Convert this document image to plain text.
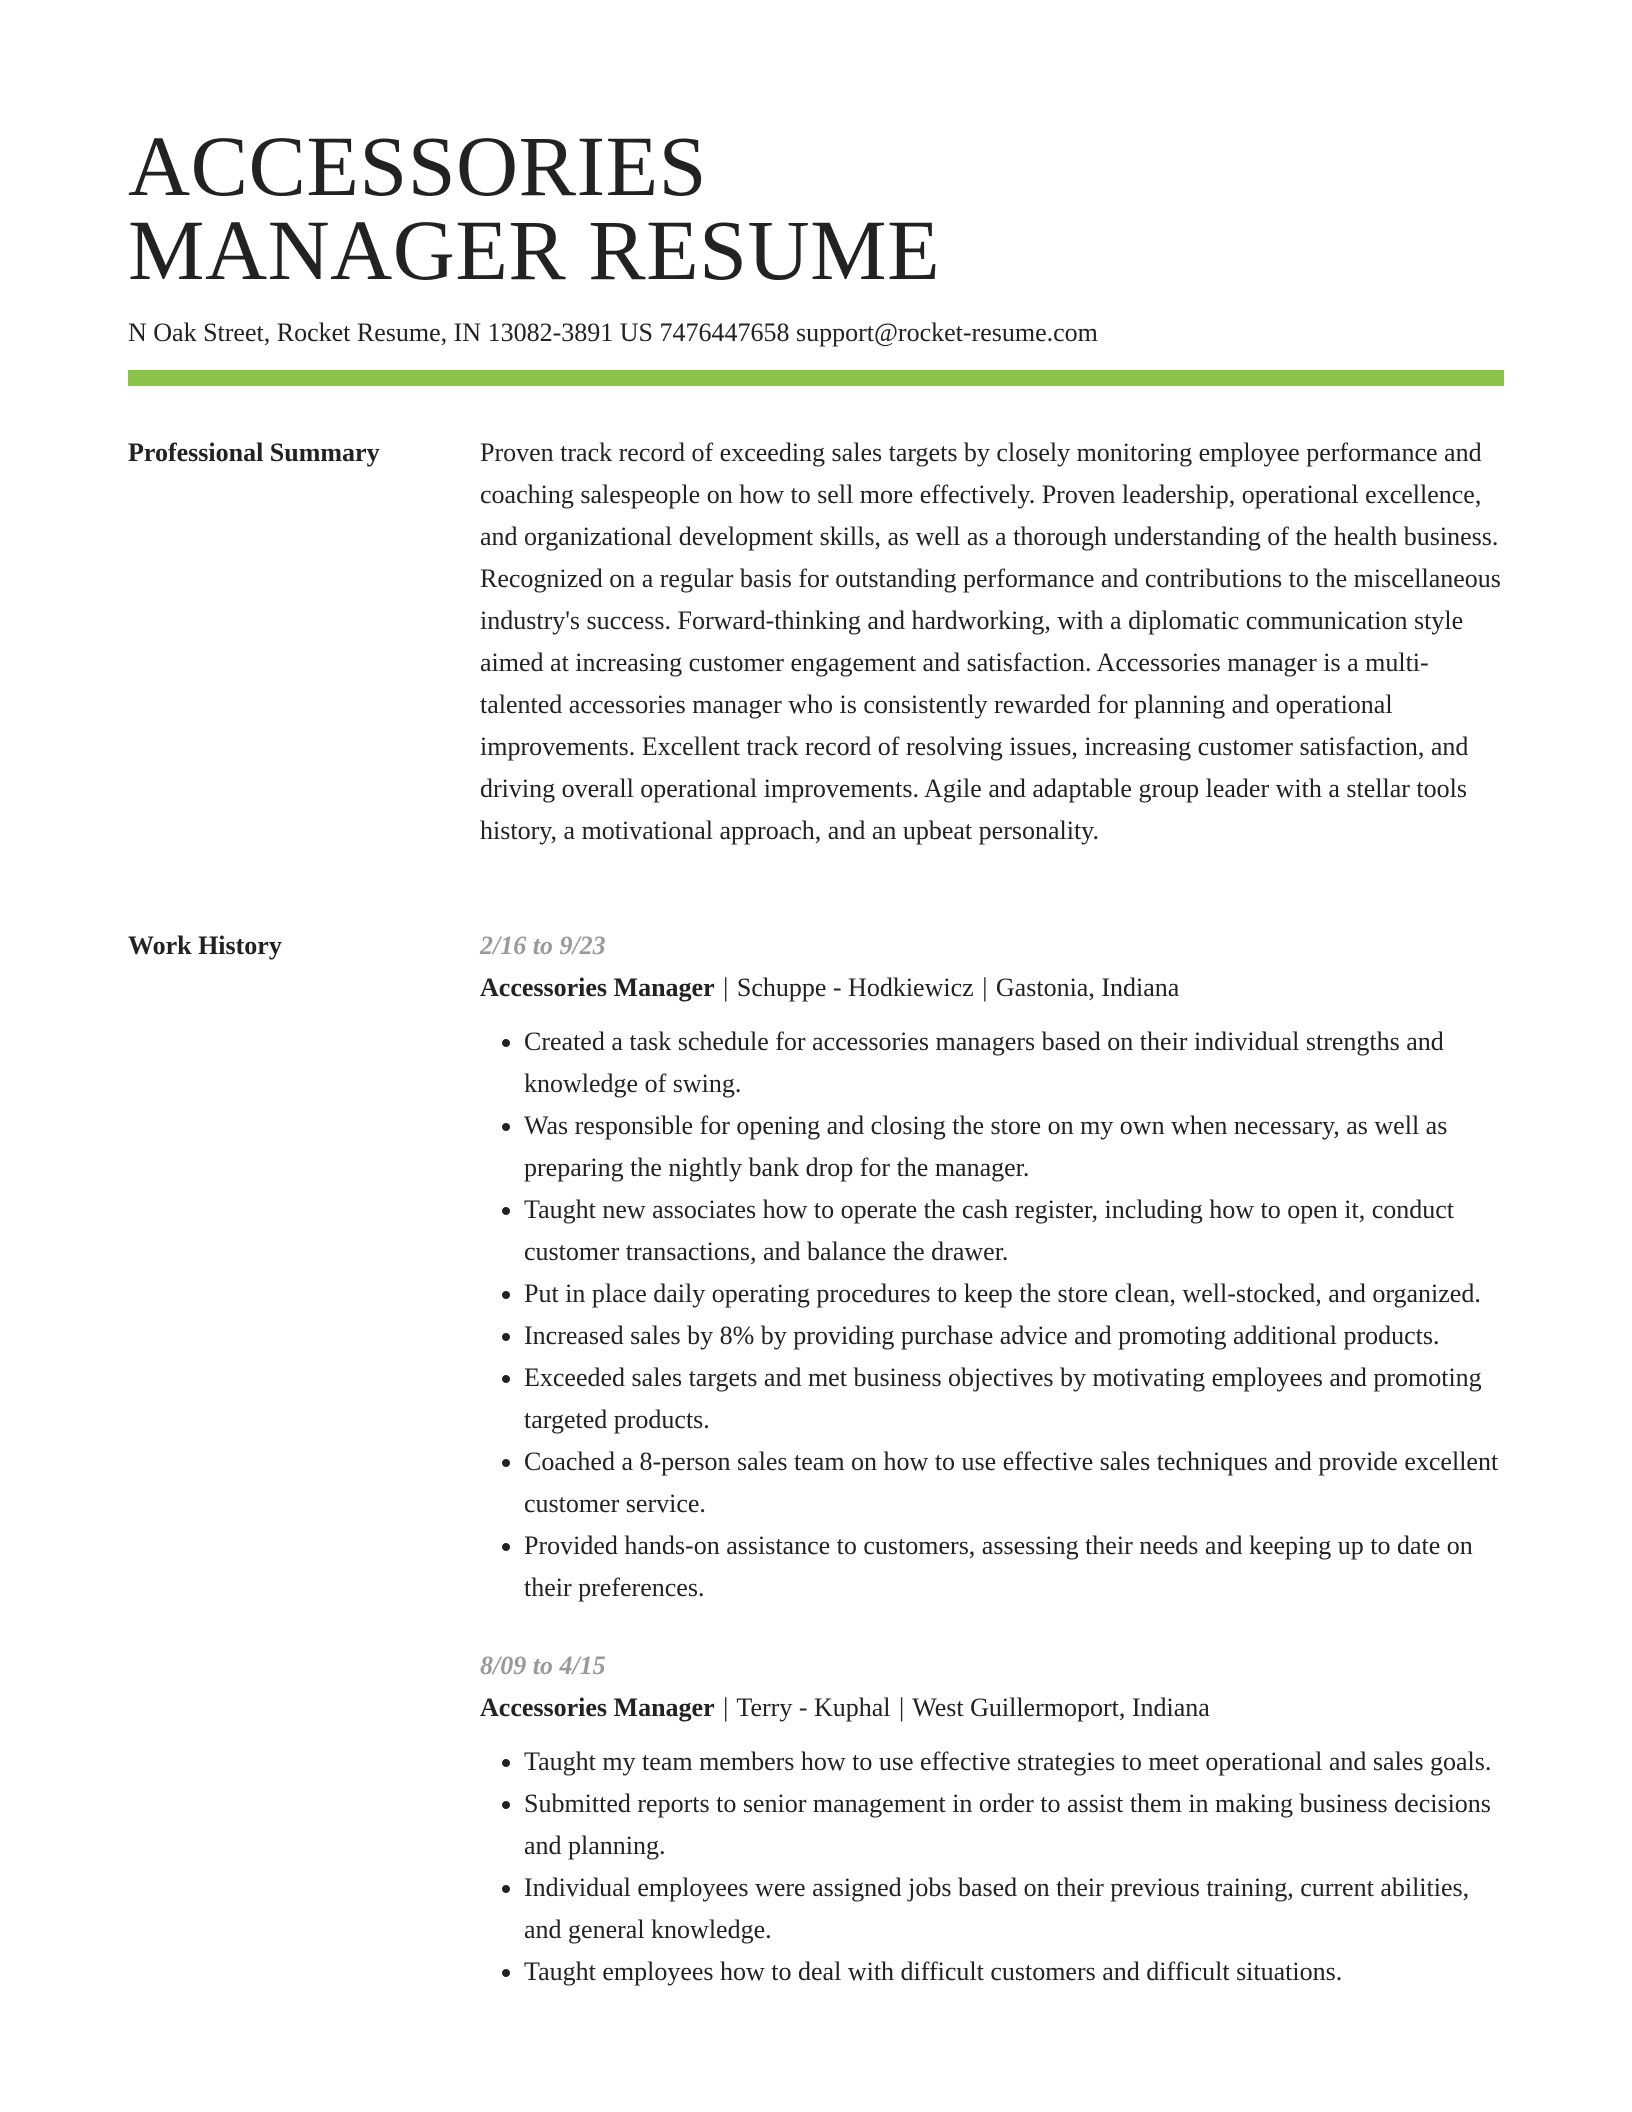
ACCESSORIES
MANAGER RESUME
N Oak Street, Rocket Resume, IN 13082-3891 US 7476447658 support@rocket-resume.com
Professional Summary	Proven track record of exceeding sales targets by closely monitoring employee performance and coaching salespeople on how to sell more effectively. Proven leadership, operational excellence, and organizational development skills, as well as a thorough understanding of the health business. Recognized on a regular basis for outstanding performance and contributions to the miscellaneous industry's success. Forward-thinking and hardworking, with a diplomatic communication style aimed at increasing customer engagement and satisfaction. Accessories manager is a multi-talented accessories manager who is consistently rewarded for planning and operational improvements. Excellent track record of resolving issues, increasing customer satisfaction, and driving overall operational improvements. Agile and adaptable group leader with a stellar tools history, a motivational approach, and an upbeat personality.

Work History	2/16 to 9/23
Accessories Manager | Schuppe - Hodkiewicz | Gastonia, Indiana
• Created a task schedule for accessories managers based on their individual strengths and knowledge of swing.
• Was responsible for opening and closing the store on my own when necessary, as well as preparing the nightly bank drop for the manager.
• Taught new associates how to operate the cash register, including how to open it, conduct customer transactions, and balance the drawer.
• Put in place daily operating procedures to keep the store clean, well-stocked, and organized.
• Increased sales by 8% by providing purchase advice and promoting additional products.
• Exceeded sales targets and met business objectives by motivating employees and promoting targeted products.
• Coached a 8-person sales team on how to use effective sales techniques and provide excellent customer service.
• Provided hands-on assistance to customers, assessing their needs and keeping up to date on their preferences.
8/09 to 4/15
Accessories Manager | Terry - Kuphal | West Guillermoport, Indiana
• Taught my team members how to use effective strategies to meet operational and sales goals.
• Submitted reports to senior management in order to assist them in making business decisions and planning.
• Individual employees were assigned jobs based on their previous training, current abilities, and general knowledge.
• Taught employees how to deal with difficult customers and difficult situations.
